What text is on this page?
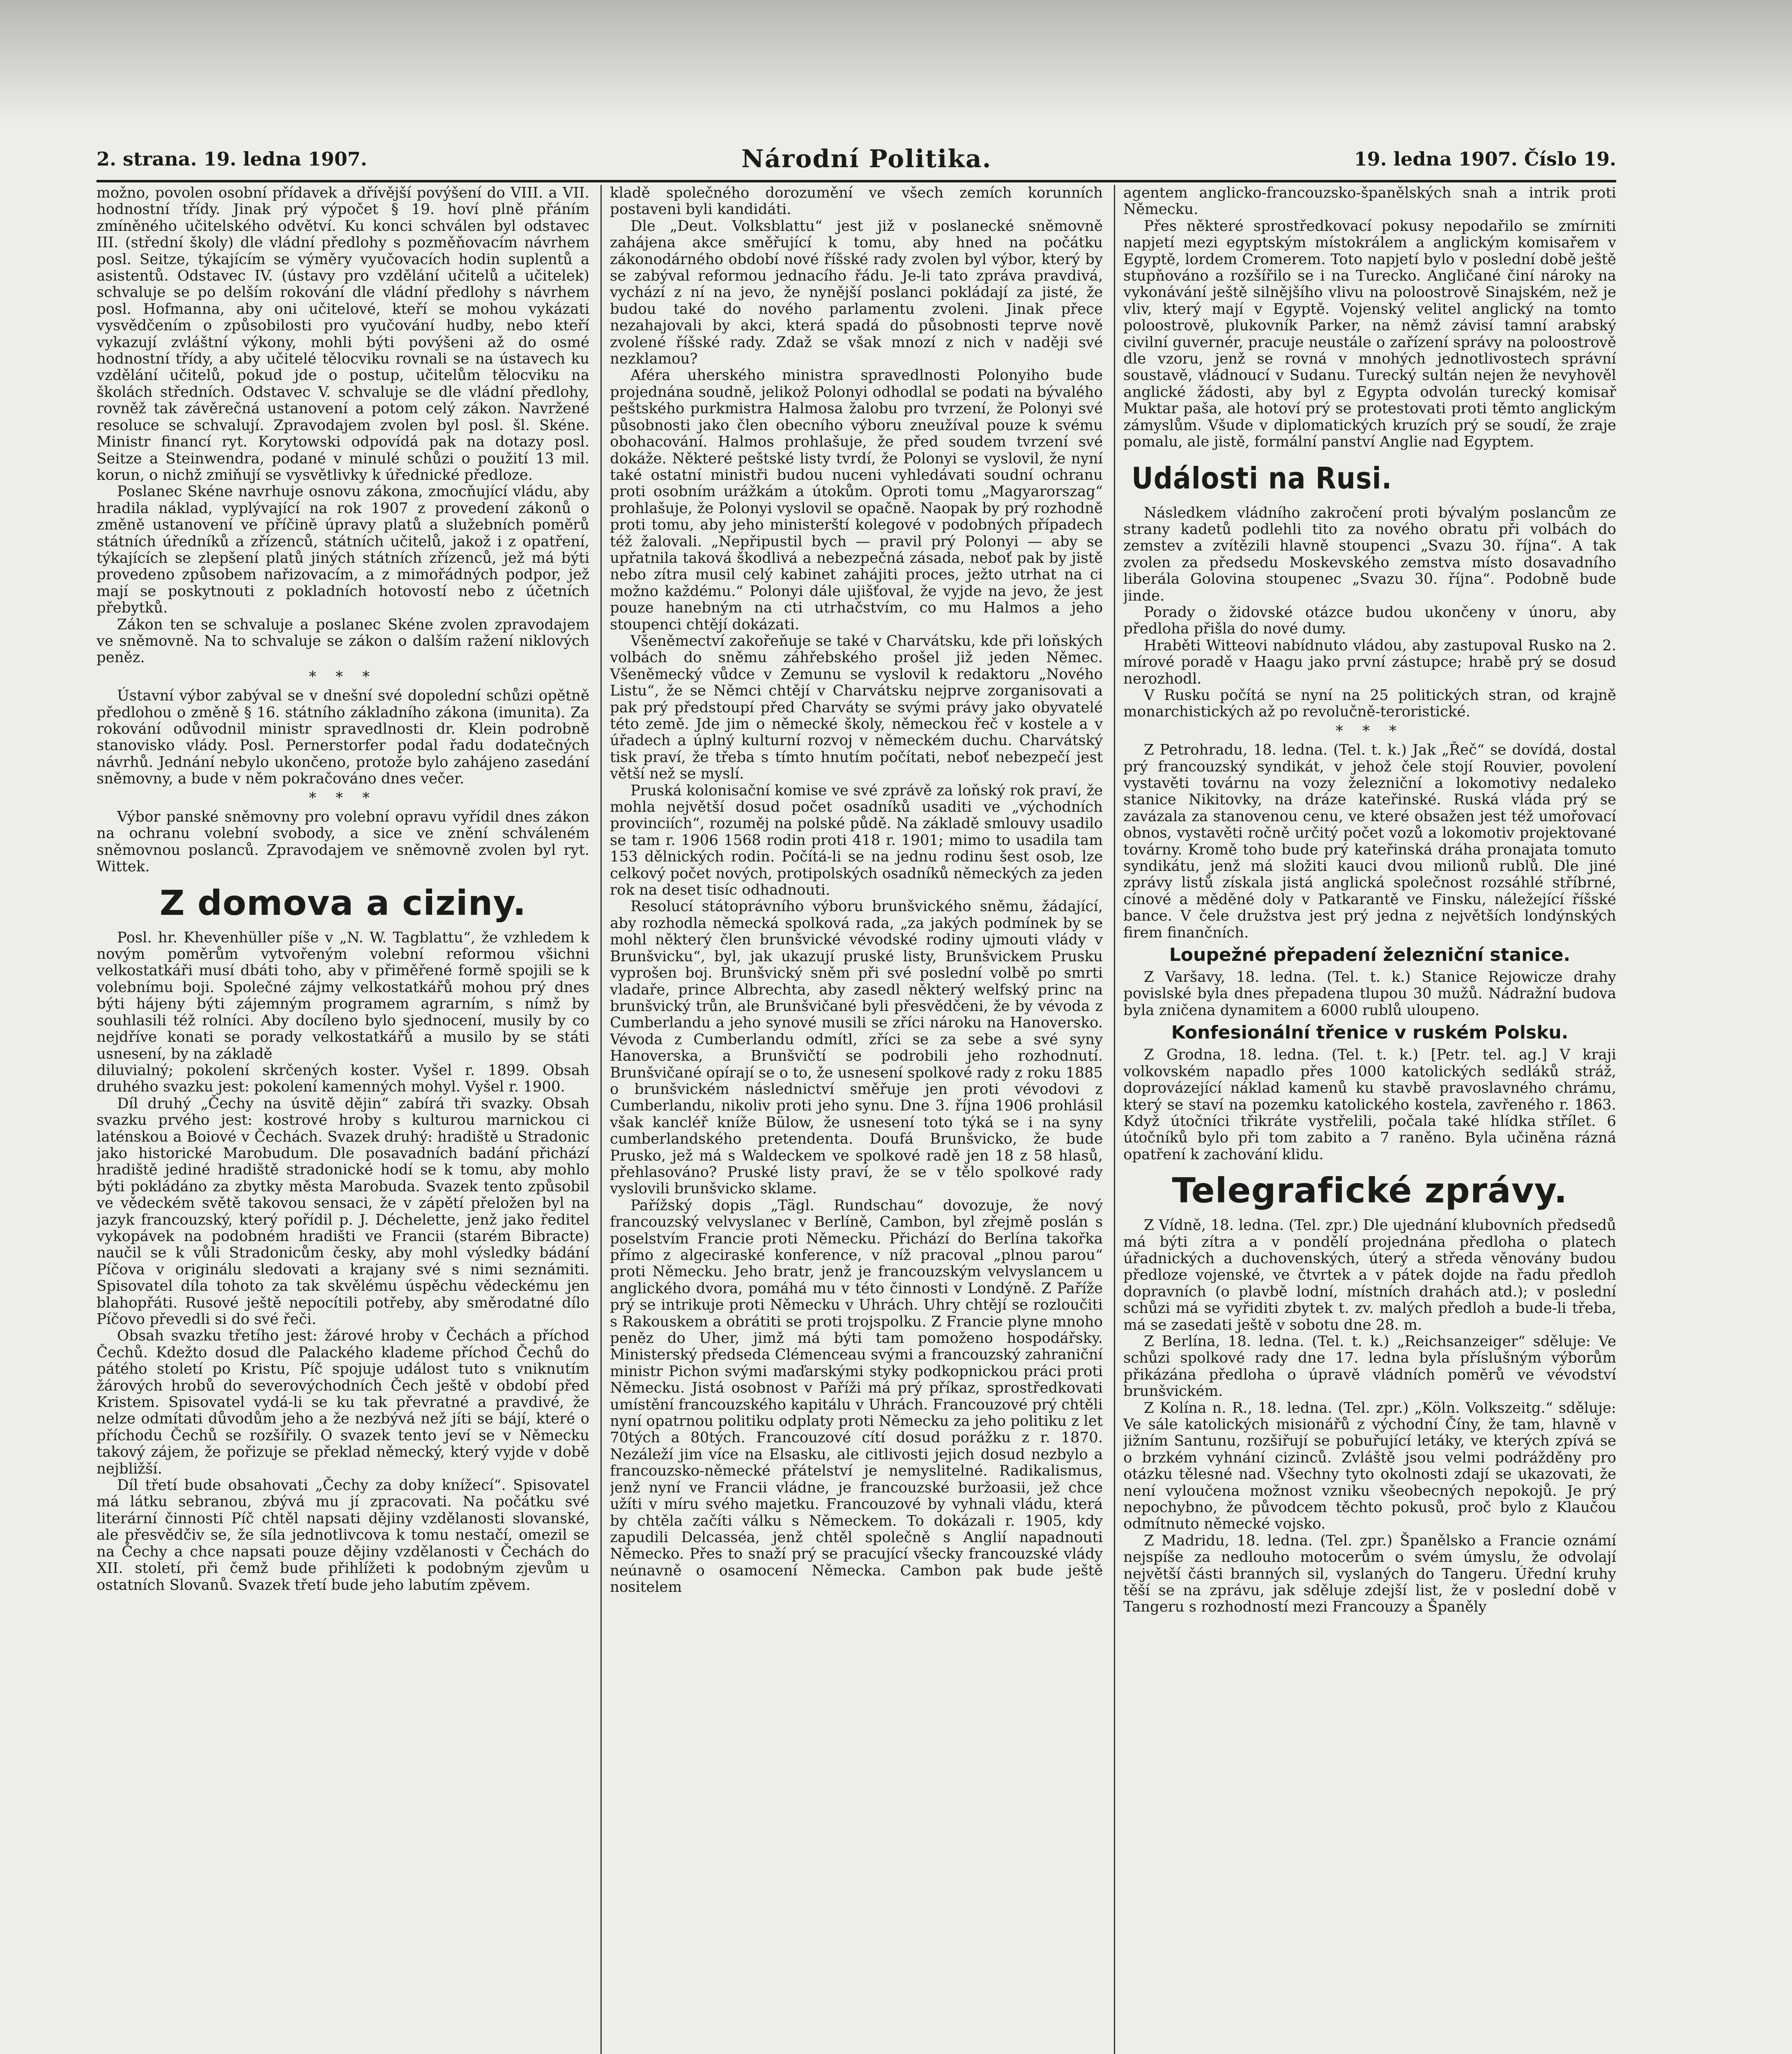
2. strana. 19. ledna 1907.	Národní Politika.	19. ledna 1907. Číslo 19.

možno, povolen osobní přídavek a dřívější povýšení do VIII. a VII. hodnostní třídy. Jinak prý výpočet § 19. hoví plně přáním zmíněného učitelského odvětví. Ku konci schválen byl odstavec III. (střední školy) dle vládní předlohy s pozměňovacím návrhem posl. Seitze, týkajícím se výměry vyučovacích hodin suplentů a asistentů. Odstavec IV. (ústavy pro vzdělání učitelů a učitelek) schvaluje se po delším rokování dle vládní předlohy s návrhem posl. Hofmanna, aby oni učitelové, kteří se mohou vykázati vysvědčením o způsobilosti pro vyučování hudby, nebo kteří vykazují zvláštní výkony, mohli býti povýšeni až do osmé hodnostní třídy, a aby učitelé tělocviku rovnali se na ústavech ku vzdělání učitelů, pokud jde o postup, učitelům tělocviku na školách středních. Odstavec V. schvaluje se dle vládní předlohy, rovněž tak závěrečná ustanovení a potom celý zákon. Navržené resoluce se schvalují. Zpravodajem zvolen byl posl. šl. Skéne. Ministr financí ryt. Korytowski odpovídá pak na dotazy posl. Seitze a Steinwendra, podané v minulé schůzi o použití 13 mil. korun, o nichž zmiňují se vysvětlivky k úřednické předloze.

Poslanec Skéne navrhuje osnovu zákona, zmocňující vládu, aby hradila náklad, vyplývající na rok 1907 z provedení zákonů o změně ustanovení ve příčině úpravy platů a služebních poměrů státních úředníků a zřízenců, státních učitelů, jakož i z opatření, týkajících se zlepšení platů jiných státních zřízenců, jež má býti provedeno způsobem nařizovacím, a z mimořádných podpor, jež mají se poskytnouti z pokladních hotovostí nebo z účetních přebytků.

Zákon ten se schvaluje a poslanec Skéne zvolen zpravodajem ve sněmovně. Na to schvaluje se zákon o dalším ražení niklových peněz.

* * *

Ústavní výbor zabýval se v dnešní své dopolední schůzi opětně předlohou o změně § 16. státního základního zákona (imunita). Za rokování odůvodnil ministr spravedlnosti dr. Klein podrobně stanovisko vlády. Posl. Pernerstorfer podal řadu dodatečných návrhů. Jednání nebylo ukončeno, protože bylo zahájeno zasedání sněmovny, a bude v něm pokračováno dnes večer.

* * *

Výbor panské sněmovny pro volební opravu vyřídil dnes zákon na ochranu volební svobody, a sice ve znění schváleném sněmovnou poslanců. Zpravodajem ve sněmovně zvolen byl ryt. Wittek.

Z domova a ciziny.

Posl. hr. Khevenhüller píše v „N. W. Tagblattu“, že vzhledem k novým poměrům vytvořeným volební reformou všichni velkostatkáři musí dbáti toho, aby v přiměřené formě spojili se k volebnímu boji. Společné zájmy velkostatkářů mohou prý dnes býti hájeny býti zájemným programem agrarním, s nímž by souhlasili též rolníci. Aby docíleno bylo sjednocení, musily by co nejdříve konati se porady velkostatkářů a musilo by se státi usnesení, by na základě

diluvialný; pokolení skrčených koster. Vyšel r. 1899. Obsah druhého svazku jest: pokolení kamenných mohyl. Vyšel r. 1900.

Díl druhý „Čechy na úsvitě dějin“ zabírá tři svazky. Obsah svazku prvého jest: kostrové hroby s kulturou marnickou ci laténskou a Boiové v Čechách. Svazek druhý: hradiště u Stradonic jako historické Marobudum. Dle posavadních badání přichází hradiště jediné hradiště stradonické hodí se k tomu, aby mohlo býti pokládáno za zbytky města Marobuda. Svazek tento způsobil ve vědeckém světě takovou sensaci, že v zápětí přeložen byl na jazyk francouzský, který pořídil p. J. Déchelette, jenž jako ředitel vykopávek na podobném hradišti ve Francii (starém Bibracte) naučil se k vůli Stradonicům česky, aby mohl výsledky bádání Píčova v originálu sledovati a krajany své s nimi seznámiti. Spisovatel díla tohoto za tak skvělému úspěchu vědeckému jen blahopřáti. Rusové ještě nepocítili potřeby, aby směrodatné dílo Píčovo převedli si do své řeči.

Obsah svazku třetího jest: žárové hroby v Čechách a příchod Čechů. Kdežto dosud dle Palackého klademe příchod Čechů do pátého století po Kristu, Píč spojuje událost tuto s vniknutím žárových hrobů do severovýchodních Čech ještě v období před Kristem. Spisovatel vydá-li se ku tak převratné a pravdivé, že nelze odmítati důvodům jeho a že nezbývá než jíti se bájí, které o příchodu Čechů se rozšířily. O svazek tento jeví se v Německu takový zájem, že pořizuje se překlad německý, který vyjde v době nejbližší.

Díl třetí bude obsahovati „Čechy za doby knížecí“. Spisovatel má látku sebranou, zbývá mu jí zpracovati. Na počátku své literární činnosti Píč chtěl napsati dějiny vzdělanosti slovanské, ale přesvědčiv se, že síla jednotlivcova k tomu nestačí, omezil se na Čechy a chce napsati pouze dějiny vzdělanosti v Čechách do XII. století, při čemž bude přihlížeti k podobným zjevům u ostatních Slovanů. Svazek třetí bude jeho labutím zpěvem.

kladě společného dorozumění ve všech zemích korunních postaveni byli kandidáti.

Dle „Deut. Volksblattu“ jest již v poslanecké sněmovně zahájena akce směřující k tomu, aby hned na počátku zákonodárného období nové říšské rady zvolen byl výbor, který by se zabýval reformou jednacího řádu. Je-li tato zpráva pravdivá, vychází z ní na jevo, že nynější poslanci pokládají za jisté, že budou také do nového parlamentu zvoleni. Jinak přece nezahajovali by akci, která spadá do působnosti teprve nově zvolené říšské rady. Zdaž se však mnozí z nich v naději své nezklamou?

Aféra uherského ministra spravedlnosti Polonyiho bude projednána soudně, jelikož Polonyi odhodlal se podati na bývalého peštského purkmistra Halmosa žalobu pro tvrzení, že Polonyi své působnosti jako člen obecního výboru zneužíval pouze k svému obohacování. Halmos prohlašuje, že před soudem tvrzení své dokáže. Některé peštské listy tvrdí, že Polonyi se vyslovil, že nyní také ostatní ministři budou nuceni vyhledávati soudní ochranu proti osobním urážkám a útokům. Oproti tomu „Magyarorszag“ prohlašuje, že Polonyi vyslovil se opačně. Naopak by prý rozhodně proti tomu, aby jeho ministerští kolegové v podobných případech též žalovali. „Nepřipustil bych — pravil prý Polonyi — aby se upřatnila taková škodlivá a nebezpečná zásada, neboť pak by jistě nebo zítra musil celý kabinet zahájiti proces, ježto utrhat na ci možno každému.“ Polonyi dále ujišťoval, že vyjde na jevo, že jest pouze hanebným na cti utrhačstvím, co mu Halmos a jeho stoupenci chtějí dokázati.

Všeněmectví zakořeňuje se také v Charvátsku, kde při loňských volbách do sněmu záhřebského prošel již jeden Němec. Všeněmecký vůdce v Zemunu se vyslovil k redaktoru „Nového Listu“, že se Němci chtějí v Charvátsku nejprve zorganisovati a pak prý předstoupí před Charváty se svými právy jako obyvatelé této země. Jde jim o německé školy, německou řeč v kostele a v úřadech a úplný kulturní rozvoj v německém duchu. Charvátský tisk praví, že třeba s tímto hnutím počítati, neboť nebezpečí jest větší než se myslí.

Pruská kolonisační komise ve své zprávě za loňský rok praví, že mohla největší dosud počet osadníků usaditi ve „východních provinciích“, rozuměj na polské půdě. Na základě smlouvy usadilo se tam r. 1906 1568 rodin proti 418 r. 1901; mimo to usadila tam 153 dělnických rodin. Počítá-li se na jednu rodinu šest osob, lze celkový počet nových, protipolských osadníků německých za jeden rok na deset tisíc odhadnouti.

Resolucí státoprávního výboru brunšvického sněmu, žádající, aby rozhodla německá spolková rada, „za jakých podmínek by se mohl některý člen brunšvické vévodské rodiny ujmouti vlády v Brunšvicku“, byl, jak ukazují pruské listy, Brunšvickem Prusku vyprošen boj. Brunšvický sněm při své poslední volbě po smrti vladaře, prince Albrechta, aby zasedl některý welfský princ na brunšvický trůn, ale Brunšvičané byli přesvědčeni, že by vévoda z Cumberlandu a jeho synové musili se zříci nároku na Hanoversko. Vévoda z Cumberlandu odmítl, zříci se za sebe a své syny Hanoverska, a Brunšvičtí se podrobili jeho rozhodnutí. Brunšvičané opírají se o to, že usnesení spolkové rady z roku 1885 o brunšvickém následnictví směřuje jen proti vévodovi z Cumberlandu, nikoliv proti jeho synu. Dne 3. října 1906 prohlásil však kancléř kníže Bülow, že usnesení toto týká se i na syny cumberlandského pretendenta. Doufá Brunšvicko, že bude Prusko, jež má s Waldeckem ve spolkové radě jen 18 z 58 hlasů, přehlasováno? Pruské listy praví, že se v tělo spolkové rady vyslovili brunšvicko sklame.

Pařížský dopis „Tägl. Rundschau“ dovozuje, že nový francouzský velvyslanec v Berlíně, Cambon, byl zřejmě poslán s poselstvím Francie proti Německu. Přichází do Berlína takořka přímo z algeciraské konference, v níž pracoval „plnou parou“ proti Německu. Jeho bratr, jenž je francouzským velvyslancem u anglického dvora, pomáhá mu v této činnosti v Londýně. Z Paříže prý se intrikuje proti Německu v Uhrách. Uhry chtějí se rozloučiti s Rakouskem a obrátiti se proti trojspolku. Z Francie plyne mnoho peněz do Uher, jimž má býti tam pomoženo hospodářsky. Ministerský předseda Clémenceau svými a francouzský zahraniční ministr Pichon svými maďarskými styky podkopnickou práci proti Německu. Jistá osobnost v Paříži má prý příkaz, sprostředkovati umístění francouzského kapitálu v Uhrách. Francouzové prý chtěli nyní opatrnou politiku odplaty proti Německu za jeho politiku z let 70tých a 80tých. Francouzové cítí dosud porážku z r. 1870. Nezáleží jim více na Elsasku, ale citlivosti jejich dosud nezbylo a francouzsko-německé přátelství je nemyslitelné. Radikalismus, jenž nyní ve Francii vládne, je francouzské buržoasii, jež chce užíti v míru svého majetku. Francouzové by vyhnali vládu, která by chtěla začíti válku s Německem. To dokázali r. 1905, kdy zapudili Delcasséa, jenž chtěl společně s Anglií napadnouti Německo. Přes to snaží prý se pracující všecky francouzské vlády neúnavně o osamocení Německa. Cambon pak bude ještě nositelem

agentem anglicko-francouzsko-španělských snah a intrik proti Německu.

Přes některé sprostředkovací pokusy nepodařilo se zmírniti napjetí mezi egyptským místokrálem a anglickým komisařem v Egyptě, lordem Cromerem. Toto napjetí bylo v poslední době ještě stupňováno a rozšířilo se i na Turecko. Angličané činí nároky na vykonávání ještě silnějšího vlivu na poloostrově Sinajském, než je vliv, který mají v Egyptě. Vojenský velitel anglický na tomto poloostrově, plukovník Parker, na němž závisí tamní arabský civilní guvernér, pracuje neustále o zařízení správy na poloostrově dle vzoru, jenž se rovná v mnohých jednotlivostech správní soustavě, vládnoucí v Sudanu. Turecký sultán nejen že nevyhověl anglické žádosti, aby byl z Egypta odvolán turecký komisař Muktar paša, ale hotoví prý se protestovati proti těmto anglickým zámyslům. Všude v diplomatických kruzích prý se soudí, že zraje pomalu, ale jistě, formální panství Anglie nad Egyptem.

Události na Rusi.

Následkem vládního zakročení proti bývalým poslancům ze strany kadetů podlehli tito za nového obratu při volbách do zemstev a zvítězili hlavně stoupenci „Svazu 30. října“. A tak zvolen za předsedu Moskevského zemstva místo dosavadního liberála Golovina stoupenec „Svazu 30. října“. Podobně bude jinde.

Porady o židovské otázce budou ukončeny v únoru, aby předloha přišla do nové dumy.

Hraběti Witteovi nabídnuto vládou, aby zastupoval Rusko na 2. mírové poradě v Haagu jako první zástupce; hrabě prý se dosud nerozhodl.

V Rusku počítá se nyní na 25 politických stran, od krajně monarchistických až po revolučně-teroristické.

* * *

Z Petrohradu, 18. ledna. (Tel. t. k.) Jak „Řeč“ se dovídá, dostal prý francouzský syndikát, v jehož čele stojí Rouvier, povolení vystavěti továrnu na vozy železniční a lokomotivy nedaleko stanice Nikitovky, na dráze kateřinské. Ruská vláda prý se zavázala za stanovenou cenu, ve které obsažen jest též umořovací obnos, vystavěti ročně určitý počet vozů a lokomotiv projektované továrny. Kromě toho bude prý kateřinská dráha pronajata tomuto syndikátu, jenž má složiti kauci dvou milionů rublů. Dle jiné zprávy listů získala jistá anglická společnost rozsáhlé stříbrné, cínové a měděné doly v Patkarantě ve Finsku, náležející říšské bance. V čele družstva jest prý jedna z největších londýnských firem finančních.

Loupežné přepadení železniční stanice.

Z Varšavy, 18. ledna. (Tel. t. k.) Stanice Rejowicze drahy povislské byla dnes přepadena tlupou 30 mužů. Nádražní budova byla zničena dynamitem a 6000 rublů uloupeno.

Konfesionální třenice v ruském Polsku.

Z Grodna, 18. ledna. (Tel. t. k.) [Petr. tel. ag.] V kraji volkovském napadlo přes 1000 katolických sedláků stráž, doprovázející náklad kamenů ku stavbě pravoslavného chrámu, který se staví na pozemku katolického kostela, zavřeného r. 1863. Když útočníci třikráte vystřelili, počala také hlídka střílet. 6 útočníků bylo při tom zabito a 7 raněno. Byla učiněna rázná opatření k zachování klidu.

Telegrafické zprávy.

Z Vídně, 18. ledna. (Tel. zpr.) Dle ujednání klubovních předsedů má býti zítra a v pondělí projednána předloha o platech úřadnických a duchovenských, úterý a středa věnovány budou předloze vojenské, ve čtvrtek a v pátek dojde na řadu předloh dopravních (o plavbě lodní, místních drahách atd.); v poslední schůzi má se vyřiditi zbytek t. zv. malých předloh a bude-li třeba, má se zasedati ještě v sobotu dne 28. m.

Z Berlína, 18. ledna. (Tel. t. k.) „Reichsanzeiger“ sděluje: Ve schůzi spolkové rady dne 17. ledna byla příslušným výborům přikázána předloha o úpravě vládních poměrů ve vévodství brunšvickém.

Z Kolína n. R., 18. ledna. (Tel. zpr.) „Köln. Volkszeitg.“ sděluje: Ve sále katolických misionářů z východní Číny, že tam, hlavně v jižním Santunu, rozšiřují se pobuřující letáky, ve kterých zpívá se o brzkém vyhnání cizinců. Zvláště jsou velmi podrážděny pro otázku tělesné nad. Všechny tyto okolnosti zdají se ukazovati, že není vyloučena možnost vzniku všeobecných nepokojů. Je prý nepochybno, že původcem těchto pokusů, proč bylo z Klaučou odmítnuto německé vojsko.

Z Madridu, 18. ledna. (Tel. zpr.) Španělsko a Francie oznámí nejspíše za nedlouho motocerům o svém úmyslu, že odvolají největší části branných sil, vyslaných do Tangeru. Úřední kruhy těší se na zprávu, jak sděluje zdejší list, že v poslední době v Tangeru s rozhodností mezi Francouzy a Španěly
